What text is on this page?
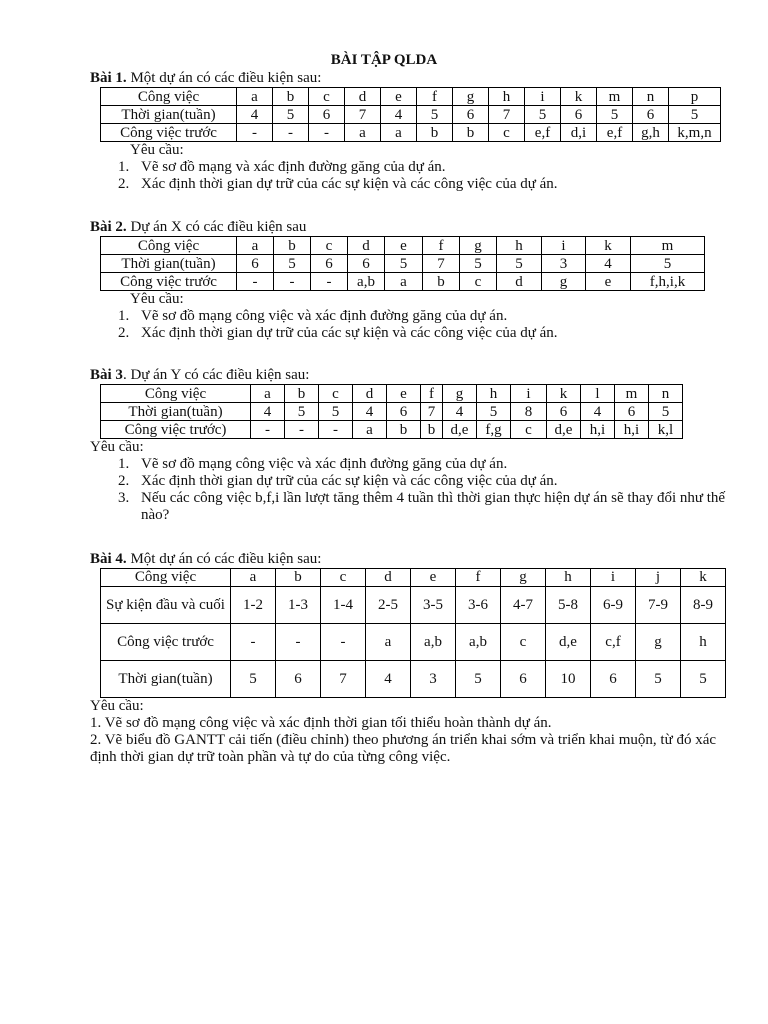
BÀI TẬP QLDA
Bài 1. Một dự án có các điều kiện sau:
Công việc	a	b	c	d	e	f	g	h	i	k	m	n	p
Thời gian(tuần)	4	5	6	7	4	5	6	7	5	6	5	6	5
Công việc trước	-	-	-	a	a	b	b	c	e,f	d,i	e,f	g,h	k,m,n
Yêu cầu:
1. Vẽ sơ đồ mạng và xác định đường găng của dự án.
2. Xác định thời gian dự trữ của các sự kiện và các công việc của dự án.
Bài 2. Dự án X có các điều kiện sau
Công việc	a	b	c	d	e	f	g	h	i	k	m
Thời gian(tuần)	6	5	6	6	5	7	5	5	3	4	5
Công việc trước	-	-	-	a,b	a	b	c	d	g	e	f,h,i,k
Yêu cầu:
1. Vẽ sơ đồ mạng công việc và xác định đường găng của dự án.
2. Xác định thời gian dự trữ của các sự kiện và các công việc của dự án.
Bài 3. Dự án Y có các điều kiện sau:
Công việc	a	b	c	d	e	f	g	h	i	k	l	m	n
Thời gian(tuần)	4	5	5	4	6	7	4	5	8	6	4	6	5
Công việc trước)	-	-	-	a	b	b	d,e	f,g	c	d,e	h,i	h,i	k,l
Yêu cầu:
1. Vẽ sơ đồ mạng công việc và xác định đường găng của dự án.
2. Xác định thời gian dự trữ của các sự kiện và các công việc của dự án.
3. Nếu các công việc b,f,i lần lượt tăng thêm 4 tuần thì thời gian thực hiện dự án sẽ thay đổi như thế nào?
Bài 4. Một dự án có các điều kiện sau:
Công việc	a	b	c	d	e	f	g	h	i	j	k
Sự kiện đầu và cuối	1-2	1-3	1-4	2-5	3-5	3-6	4-7	5-8	6-9	7-9	8-9
Công việc trước	-	-	-	a	a,b	a,b	c	d,e	c,f	g	h
Thời gian(tuần)	5	6	7	4	3	5	6	10	6	5	5

Yêu cầu:

1. Vẽ sơ đồ mạng công việc và xác định thời gian tối thiểu hoàn thành dự án.

2. Vẽ biểu đồ GANTT cải tiến (điều chỉnh) theo phương án triển khai sớm và triển khai muộn, từ đó xác định thời gian dự trữ toàn phần và tự do của từng công việc.
